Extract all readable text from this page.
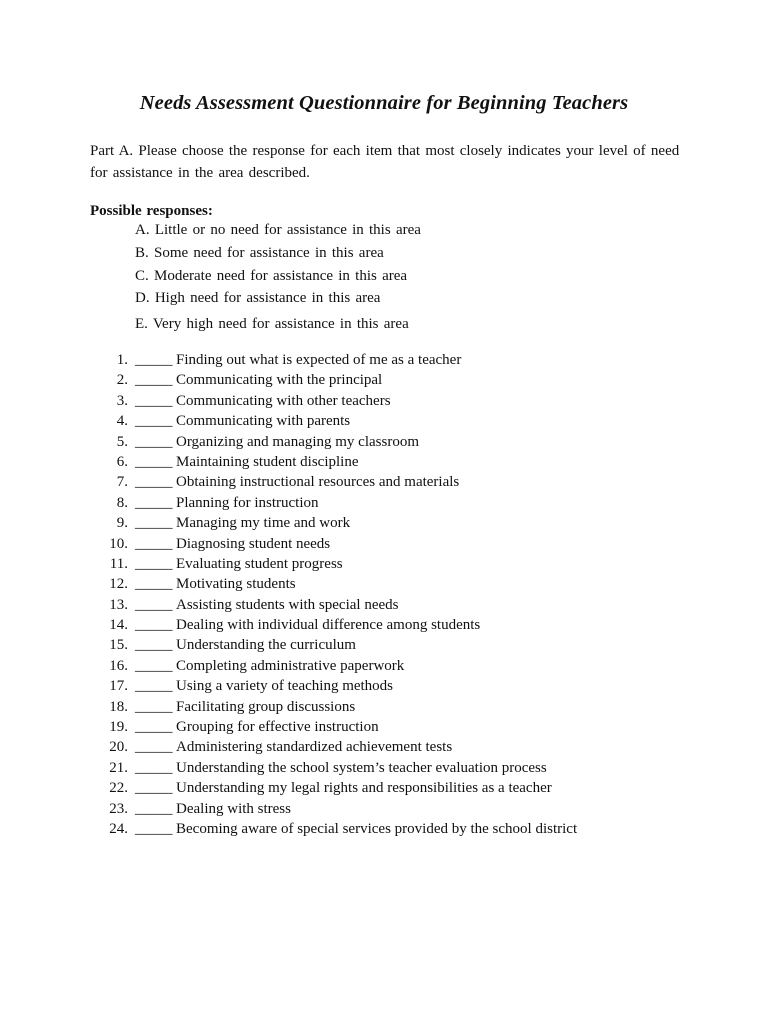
Needs Assessment Questionnaire for Beginning Teachers

Part A. Please choose the response for each item that most closely indicates your level of need for assistance in the area described.

Possible responses:

A. Little or no need for assistance in this area

B. Some need for assistance in this area

C. Moderate need for assistance in this area

D. High need for assistance in this area

E. Very high need for assistance in this area

1. _____ Finding out what is expected of me as a teacher
2. _____ Communicating with the principal
3. _____ Communicating with other teachers
4. _____ Communicating with parents
5. _____ Organizing and managing my classroom
6. _____ Maintaining student discipline
7. _____ Obtaining instructional resources and materials
8. _____ Planning for instruction
9. _____ Managing my time and work
10. _____ Diagnosing student needs
11. _____ Evaluating student progress
12. _____ Motivating students
13. _____ Assisting students with special needs
14. _____ Dealing with individual difference among students
15. _____ Understanding the curriculum
16. _____ Completing administrative paperwork
17. _____ Using a variety of teaching methods
18. _____ Facilitating group discussions
19. _____ Grouping for effective instruction
20. _____ Administering standardized achievement tests
21. _____ Understanding the school system’s teacher evaluation process
22. _____ Understanding my legal rights and responsibilities as a teacher
23. _____ Dealing with stress
24. _____ Becoming aware of special services provided by the school district
